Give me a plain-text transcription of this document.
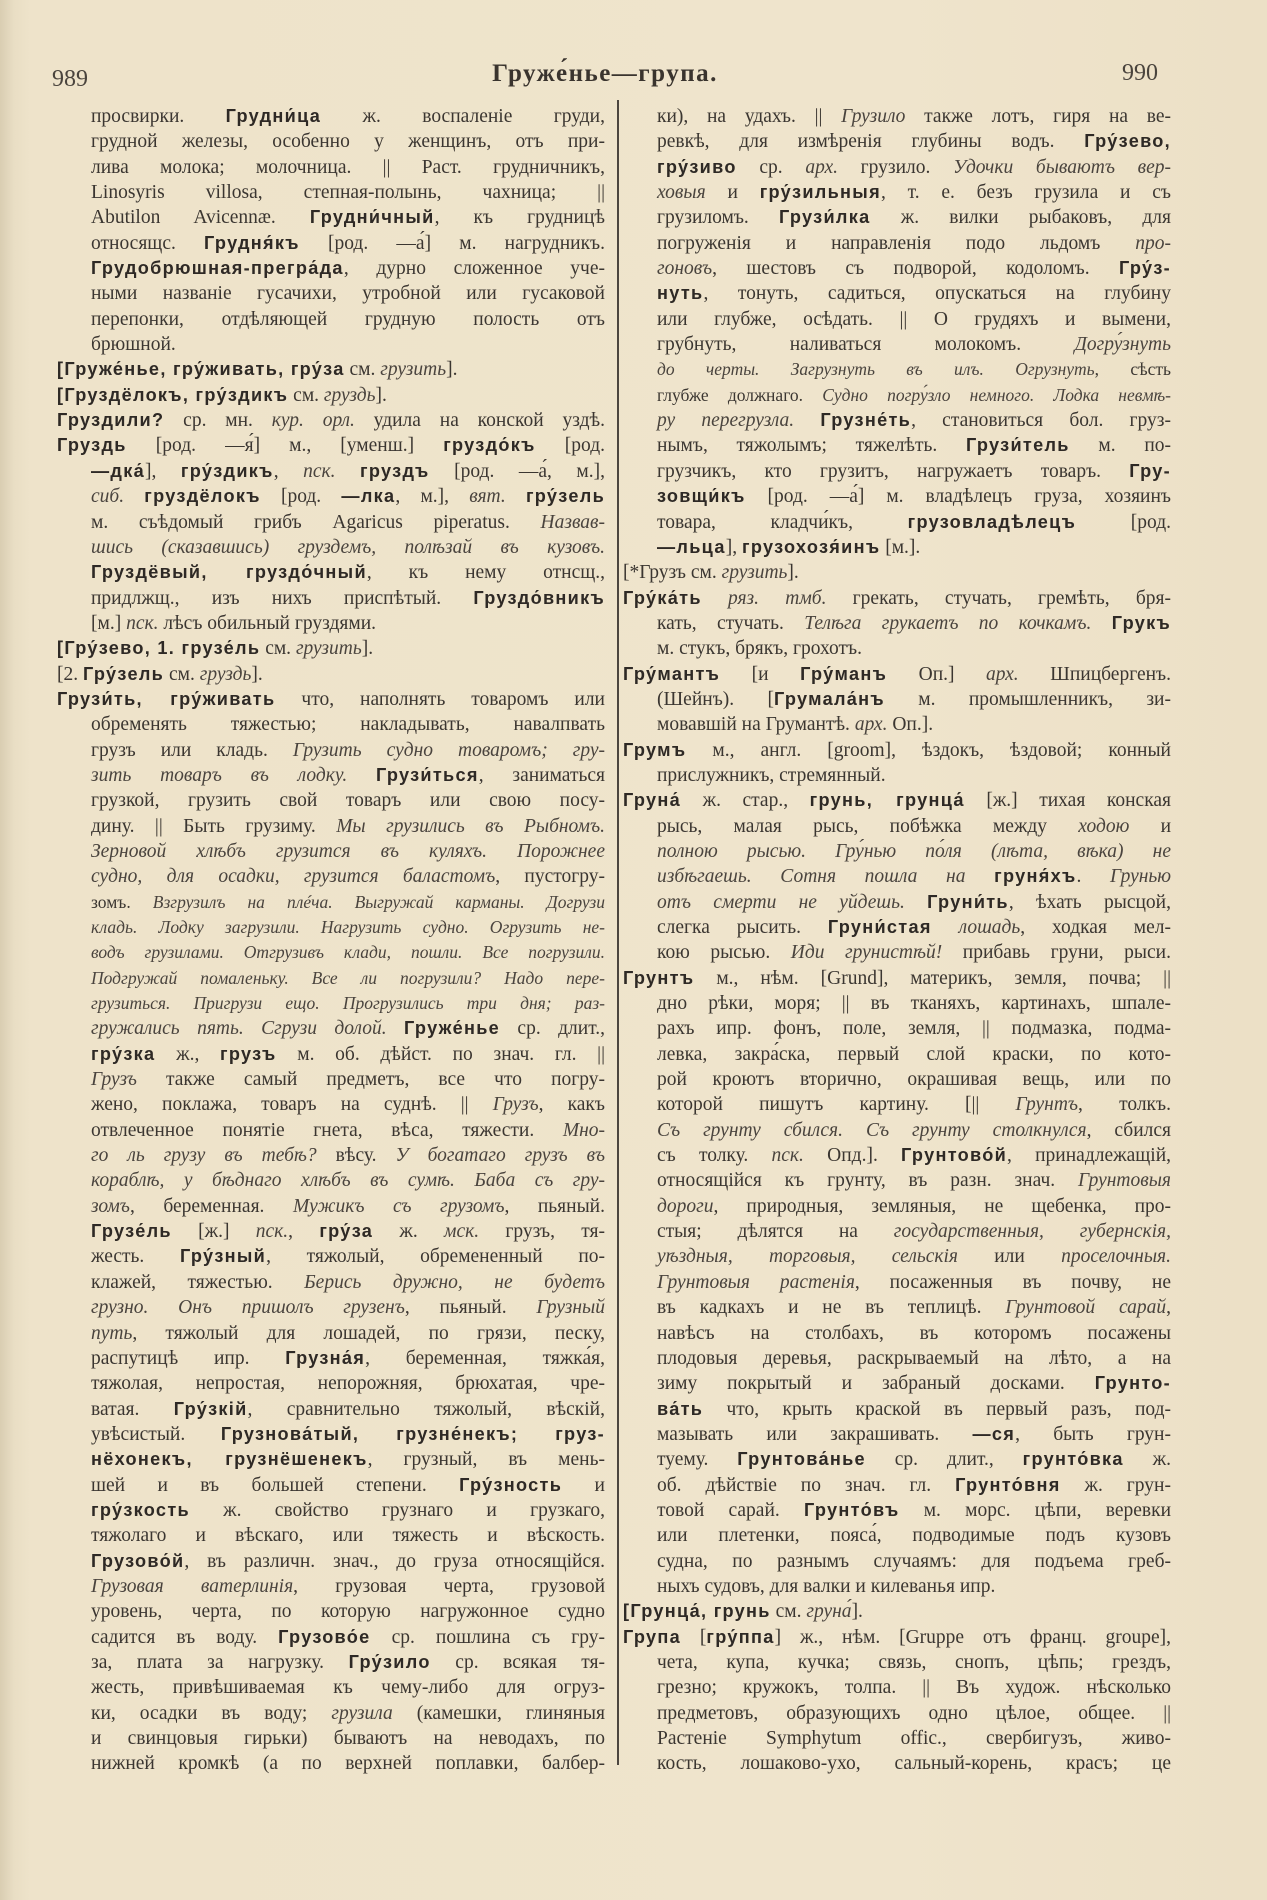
989	Груже́нье—група.	990
просвирки. Грудни́ца ж. воспаленіе груди,
грудной железы, особенно у женщинъ, отъ при-
лива молока; молочница. || Раст. грудничникъ,
Linosyris villosa, степная-полынь, чахница; ||
Abutilon Avicennæ. Грудни́чный, къ грудницѣ
относящс. Грудня́къ [род. —а́] м. нагрудникъ.
Грудобрюшная-прегра́да, дурно сложенное уче-
ными названіе гусачихи, утробной или гусаковой
перепонки, отдѣляющей грудную полость отъ
брюшной.
[Груже́нье, гру́живать, гру́за см. грузить].
[Груздёлокъ, гру́здикъ см. груздь].
Груздили? ср. мн. кур. орл. удила на конской уздѣ.
Груздь [род. —я́] м., [уменш.] груздо́къ [род.
—дка́], гру́здикъ, пск. груздъ [род. —а́, м.],
сиб. груздёлокъ [род. —лка, м.], вят. гру́зель
м. съѣдомый грибъ Agaricus piperatus. Назвав-
шись (сказавшись) груздемъ, полѣзай въ кузовъ.
Груздёвый, груздо́чный, къ нему отнсщ.,
придлжщ., изъ нихъ приспѣтый. Груздо́вникъ
[м.] пск. лѣсъ обильный груздями.
[Гру́зево, 1. грузе́ль см. грузить].
[2. Гру́зель см. груздь].
Грузи́ть, гру́живать что, наполнять товаромъ или
обременять тяжестью; накладывать, навалпвать
грузъ или кладь. Грузить судно товаромъ; гру-
зить товаръ въ лодку. Грузи́ться, заниматься
грузкой, грузить свой товаръ или свою посу-
дину. || Быть грузиму. Мы грузились въ Рыбномъ.
Зерновой хлѣбъ грузится въ куляхъ. Порожнее
судно, для осадки, грузится баластомъ, пустогру-
зомъ. Взгрузилъ на плéча. Выгружай карманы. Догрузи
кладь. Лодку загрузили. Нагрузить судно. Огрузить не-
водъ грузилами. Отгрузивъ клади, пошли. Все погрузили.
Подгружай помаленьку. Все ли погрузили? Надо пере-
грузиться. Пригрузи ещо. Прогрузились три дня; раз-
гружались пять. Сгрузи долой. Груже́нье ср. длит.,
гру́зка ж., грузъ м. об. дѣйст. по знач. гл. ||
Грузъ также самый предметъ, все что погру-
жено, поклажа, товаръ на суднѣ. || Грузъ, какъ
отвлеченное понятіе гнета, вѣса, тяжести. Мно-
го ль грузу въ тебѣ? вѣсу. У богатаго грузъ въ
кораблѣ, у бѣднаго хлѣбъ въ сумѣ. Баба съ гру-
зомъ, беременная. Мужикъ съ грузомъ, пьяный.
Грузе́ль [ж.] пск., гру́за ж. мск. грузъ, тя-
жесть. Гру́зный, тяжолый, обремененный по-
клажей, тяжестью. Берись дружно, не будетъ
грузно. Онъ пришолъ грузенъ, пьяный. Грузный
путь, тяжолый для лошадей, по грязи, песку,
распутицѣ ипр. Грузна́я, беременная, тяжка́я,
тяжолая, непростая, непорожняя, брюхатая, чре-
ватая. Гру́зкій, сравнительно тяжолый, вѣскій,
увѣсистый. Грузнова́тый, грузне́некъ; груз-
нёхонекъ, грузнёшенекъ, грузный, въ мень-
шей и въ большей степени. Гру́зность и
гру́зкость ж. свойство грузнаго и грузкаго,
тяжолаго и вѣскаго, или тяжесть и вѣскость.
Грузово́й, въ различн. знач., до груза относящійся.
Грузовая ватерлинія, грузовая черта, грузовой
уровень, черта, по которую нагружонное судно
садится въ воду. Грузово́е ср. пошлина съ гру-
за, плата за нагрузку. Гру́зило ср. всякая тя-
жесть, привѣшиваемая къ чему-либо для огруз-
ки, осадки въ воду; грузила (камешки, глиняныя
и свинцовыя гирьки) бываютъ на неводахъ, по
нижней кромкѣ (а по верхней поплавки, балбер-
ки), на удахъ. || Грузило также лотъ, гиря на ве-
ревкѣ, для измѣренія глубины водъ. Гру́зево,
гру́зиво ср. арх. грузило. Удочки бываютъ вер-
ховыя и гру́зильныя, т. е. безъ грузила и съ
грузиломъ. Грузи́лка ж. вилки рыбаковъ, для
погруженія и направленія подо льдомъ про-
гоновъ, шестовъ съ подворой, кодоломъ. Гру́з-
нуть, тонуть, садиться, опускаться на глубину
или глубже, осѣдать. || О грудяхъ и вымени,
грубнуть, наливаться молокомъ. Догру́знуть
до черты. Загрузнуть въ илъ. Огрузнуть, сѣсть
глубже должнаго. Судно погру́зло немного. Лодка невмѣ-
ру перегрузла. Грузне́ть, становиться бол. груз-
нымъ, тяжолымъ; тяжелѣть. Грузи́тель м. по-
грузчикъ, кто грузитъ, нагружаетъ товаръ. Гру-
зовщи́къ [род. —а́] м. владѣлецъ груза, хозяинъ
товара, кладчи́къ, грузовладѣлецъ [род.
—льца], грузохозя́инъ [м.].
[*Грузъ см. грузить].
Гру́ка́ть ряз. тмб. грекать, стучать, гремѣть, бря-
кать, стучать. Телѣга грукаетъ по кочкамъ. Грукъ
м. стукъ, брякъ, грохотъ.
Гру́мантъ [и Гру́манъ Оп.] арх. Шпицбергенъ.
(Шейнъ). [Грумала́нъ м. промышленникъ, зи-
мовавшій на Грумантѣ. арх. Оп.].
Грумъ м., англ. [groom], ѣздокъ, ѣздовой; конный
прислужникъ, стремянный.
Груна́ ж. стар., грунь, грунца́ [ж.] тихая конская
рысь, малая рысь, побѣжка между ходою и
полною рысью. Гру́нью по́ля (лѣта, вѣка) не
избѣгаешь. Сотня пошла на груня́хъ. Грунью
отъ смерти не уйдешь. Груни́ть, ѣхать рысцой,
слегка рысить. Груни́стая лошадь, ходкая мел-
кою рысью. Иди грунистѣй! прибавь груни, рыси.
Грунтъ м., нѣм. [Grund], материкъ, земля, почва; ||
дно рѣки, моря; || въ тканяхъ, картинахъ, шпале-
рахъ ипр. фонъ, поле, земля, || подмазка, подма-
левка, закра́ска, первый слой краски, по кото-
рой кроютъ вторично, окрашивая вещь, или по
которой пишутъ картину. [|| Грунтъ, толкъ.
Съ грунту сбился. Съ грунту столкнулся, сбился
съ толку. пск. Опд.]. Грунтово́й, принадлежащій,
относящійся къ грунту, въ разн. знач. Грунтовыя
дороги, природныя, земляныя, не щебенка, про-
стыя; дѣлятся на государственныя, губернскія,
уѣздныя, торговыя, сельскія или проселочныя.
Грунтовыя растенія, посаженныя въ почву, не
въ кадкахъ и не въ теплицѣ. Грунтовой сарай,
навѣсъ на столбахъ, въ которомъ посажены
плодовыя деревья, раскрываемый на лѣто, а на
зиму покрытый и забраный досками. Грунто-
ва́ть что, крыть краской въ первый разъ, под-
мазывать или закрашивать. —ся, быть грун-
туему. Грунтова́нье ср. длит., грунто́вка ж.
об. дѣйствіе по знач. гл. Грунто́вня ж. грун-
товой сарай. Грунто́въ м. морс. цѣпи, веревки
или плетенки, пояса́, подводимые подъ кузовъ
судна, по разнымъ случаямъ: для подъема греб-
ныхъ судовъ, для валки и килеванья ипр.
[Грунца́, грунь см. груна́].
Група [гру́ппа] ж., нѣм. [Gruppe отъ франц. groupe],
чета, купа, кучка; связь, снопъ, цѣпь; грездъ,
грезно; кружокъ, толпа. || Въ худож. нѣсколько
предметовъ, образующихъ одно цѣлое, общее. ||
Растеніе Symphytum offic., свербигузъ, живо-
кость, лошаково-ухо, сальный-корень, красъ; це
